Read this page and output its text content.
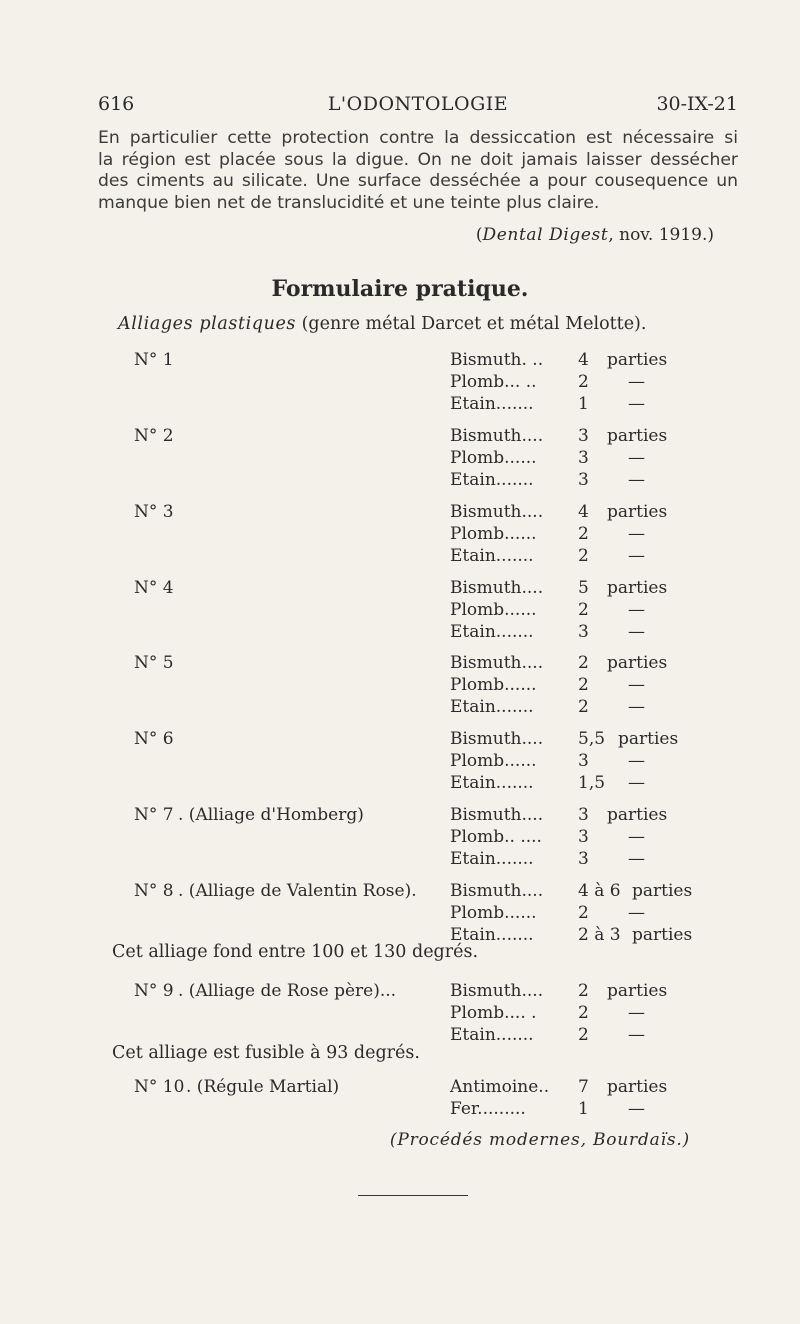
616	L'ODONTOLOGIE	30-IX-21

En particulier cette protection contre la dessiccation est nécessaire si

la région est placée sous la digue. On ne doit jamais laisser dessécher

des ciments au silicate. Une surface desséchée a pour cousequence un

manque bien net de translucidité et une teinte plus claire.

(Dental Digest, nov. 1919.)
Formulaire pratique.
Alliages plastiques (genre métal Darcet et métal Melotte).
N° 1	Bismuth. .. 4 parties
Plomb... .. 2 —
Etain.......	1 —
N° 2	Bismuth.... 3 parties
Plomb...... 3 —
Etain.......	3 —
N° 3	Bismuth.... 4 parties
Plomb...... 2 —
Etain.......	2 —
N° 4	Bismuth.... 5 parties
Plomb...... 2 —
Etain.......	3 —
N° 5	Bismuth.... 2 parties
Plomb...... 2 —
Etain.......	2 —
N° 6	Bismuth.... 5,5 parties
Plomb...... 3 —
Etain.......	1,5 —
N° 7 . (Alliage d'Homberg)	Bismuth.... 3 parties
Plomb.. .... 3 —
Etain.......	3 —
N° 8 . (Alliage de Valentin Rose). Bismuth.... 4 à 6 parties
Plomb...... 2 —
Etain.......	2 à 3 parties
Cet alliage fond entre 100 et 130 degrés.
N° 9 . (Alliage de Rose père)...	Bismuth.... 2 parties
Plomb.... . 2 —
Etain.......	2 —
Cet alliage est fusible à 93 degrés.
N° 10 . (Régule Martial)	Antimoine.. 7 parties
Fer.........	1 —
(Procédés modernes, Bourdaïs.)
